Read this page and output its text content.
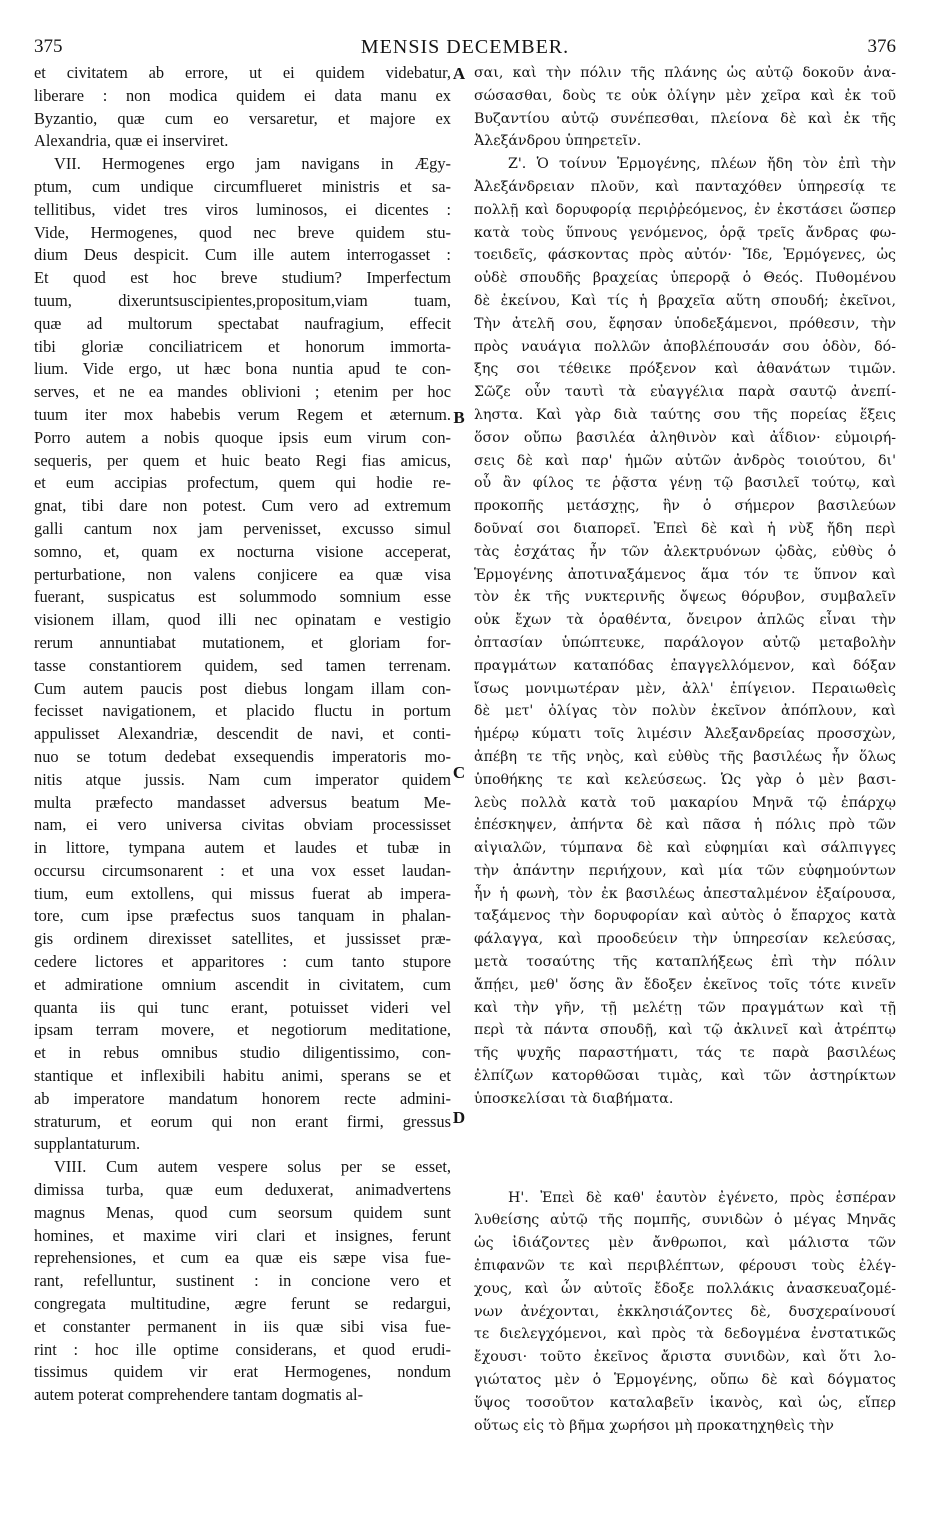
375	MENSIS DECEMBER.	376
et civitatem ab errore, ut ei quidem videbatur,
liberare : non modica quidem ei data manu ex
Byzantio, quæ cum eo versaretur, et majore ex
Alexandria, quæ ei inserviret.
VII. Hermogenes ergo jam navigans in Ægy-
ptum, cum undique circumflueret ministris et sa-
tellitibus, videt tres viros luminosos, ei dicentes :
Vide, Hermogenes, quod nec breve quidem stu-
dium Deus despicit. Cum ille autem interrogasset :
Et quod est hoc breve studium? Imperfectum
tuum, dixeruntsuscipientes,propositum,viam tuam,
quæ ad multorum spectabat naufragium, effecit
tibi gloriæ conciliatricem et honorum immorta-
lium. Vide ergo, ut hæc bona nuntia apud te con-
serves, et ne ea mandes oblivioni ; etenim per hoc
tuum iter mox habebis verum Regem et æternum.
Porro autem a nobis quoque ipsis eum virum con-
sequeris, per quem et huic beato Regi fias amicus,
et eum accipias profectum, quem qui hodie re-
gnat, tibi dare non potest. Cum vero ad extremum
galli cantum nox jam pervenisset, excusso simul
somno, et, quam ex nocturna visione acceperat,
perturbatione, non valens conjicere ea quæ visa
fuerant, suspicatus est solummodo somnium esse
visionem illam, quod illi nec opinatam e vestigio
rerum annuntiabat mutationem, et gloriam for-
tasse constantiorem quidem, sed tamen terrenam.
Cum autem paucis post diebus longam illam con-
fecisset navigationem, et placido fluctu in portum
appulisset Alexandriæ, descendit de navi, et conti-
nuo se totum dedebat exsequendis imperatoris mo-
nitis atque jussis. Nam cum imperator quidem
multa præfecto mandasset adversus beatum Me-
nam, ei vero universa civitas obviam processisset
in littore, tympana autem et laudes et tubæ in
occursu circumsonarent : et una vox esset laudan-
tium, eum extollens, qui missus fuerat ab impera-
tore, cum ipse præfectus suos tanquam in phalan-
gis ordinem direxisset satellites, et jussisset præ-
cedere lictores et apparitores : cum tanto stupore
et admiratione omnium ascendit in civitatem, cum
quanta iis qui tunc erant, potuisset videri vel
ipsam terram movere, et negotiorum meditatione,
et in rebus omnibus studio diligentissimo, con-
stantique et inflexibili habitu animi, sperans se et
ab imperatore mandatum honorem recte admini-
straturum, et eorum qui non erant firmi, gressus
supplantaturum.
VIII. Cum autem vespere solus per se esset,
dimissa turba, quæ eum deduxerat, animadvertens
magnus Menas, quod cum seorsum quidem sunt
homines, et maxime viri clari et insignes, ferunt
reprehensiones, et cum ea quæ eis sæpe visa fue-
rant, refelluntur, sustinent : in concione vero et
congregata multitudine, ægre ferunt se redargui,
et constanter permanent in iis quæ sibi visa fue-
rint : hoc ille optime considerans, et quod erudi-
tissimus quidem vir erat Hermogenes, nondum
autem poterat comprehendere tantam dogmatis al-
σαι, καὶ τὴν πόλιν τῆς πλάνης ὡς αὐτῷ δοκοῦν ἀνα-
σώσασθαι, δοὺς τε οὐκ ὀλίγην μὲν χεῖρα καὶ ἐκ τοῦ
Βυζαντίου αὐτῷ συνέπεσθαι, πλείονα δὲ καὶ ἐκ τῆς
Ἀλεξάνδρου ὑπηρετεῖν.
Ζ'. Ὁ τοίνυν Ἑρμογένης, πλέων ἤδη τὸν ἐπὶ τὴν
Ἀλεξάνδρειαν πλοῦν, καὶ πανταχόθεν ὑπηρεσίᾳ τε
πολλῇ καὶ δορυφορίᾳ περιῤῥεόμενος, ἐν ἐκστάσει ὥσπερ
κατὰ τοὺς ὕπνους γενόμενος, ὁρᾷ τρεῖς ἄνδρας φω-
τοειδεῖς, φάσκοντας πρὸς αὐτόν· Ἴδε, Ἑρμόγενες, ὡς
οὐδὲ σπουδῆς βραχείας ὑπερορᾷ ὁ Θεός. Πυθομένου
δὲ ἐκείνου, Καὶ τίς ἡ βραχεῖα αὕτη σπουδή; ἐκεῖνοι,
Τὴν ἀτελῆ σου, ἔφησαν ὑποδεξάμενοι, πρόθεσιν, τὴν
πρὸς ναυάγια πολλῶν ἀποβλέπουσάν σου ὁδὸν, δό-
ξης σοι τέθεικε πρόξενον καὶ ἀθανάτων τιμῶν.
Σῶζε οὖν ταυτὶ τὰ εὐαγγέλια παρὰ σαυτῷ ἀνεπί-
ληστα. Καὶ γὰρ διὰ ταύτης σου τῆς πορείας ἕξεις
ὅσον οὔπω βασιλέα ἀληθινὸν καὶ ἀΐδιον· εὐμοιρή-
σεις δὲ καὶ παρ' ἡμῶν αὐτῶν ἀνδρὸς τοιούτου, δι'
οὗ ἂν φίλος τε ῥᾷστα γένῃ τῷ βασιλεῖ τούτῳ, καὶ
προκοπῆς μετάσχῃς, ἣν ὁ σήμερον βασιλεύων
δοῦναί σοι διαπορεῖ. Ἐπεὶ δὲ καὶ ἡ νὺξ ἤδη περὶ
τὰς ἐσχάτας ἦν τῶν ἀλεκτρυόνων ᾠδὰς, εὐθὺς ὁ
Ἑρμογένης ἀποτιναξάμενος ἅμα τόν τε ὕπνον καὶ
τὸν ἐκ τῆς νυκτερινῆς ὄψεως θόρυβον, συμβαλεῖν
οὐκ ἔχων τὰ ὁραθέντα, ὄνειρον ἁπλῶς εἶναι τὴν
ὀπτασίαν ὑπώπτευκε, παράλογον αὐτῷ μεταβολὴν
πραγμάτων καταπόδας ἐπαγγελλόμενον, καὶ δόξαν
ἴσως μονιμωτέραν μὲν, ἀλλ' ἐπίγειον. Περαιωθεὶς
δὲ μετ' ὀλίγας τὸν πολὺν ἐκεῖνον ἀπόπλουν, καὶ
ἡμέρῳ κύματι τοῖς λιμέσιν Ἀλεξανδρείας προσσχὼν,
ἀπέβη τε τῆς νηὸς, καὶ εὐθὺς τῆς βασιλέως ἦν ὅλως
ὑποθήκης τε καὶ κελεύσεως. Ὡς γὰρ ὁ μὲν βασι-
λεὺς πολλὰ κατὰ τοῦ μακαρίου Μηνᾶ τῷ ἐπάρχῳ
ἐπέσκηψεν, ἀπήντα δὲ καὶ πᾶσα ἡ πόλις πρὸ τῶν
αἰγιαλῶν, τύμπανα δὲ καὶ εὐφημίαι καὶ σάλπιγγες
τὴν ἀπάντην περιήχουν, καὶ μία τῶν εὐφημούντων
ἦν ἡ φωνὴ, τὸν ἐκ βασιλέως ἀπεσταλμένον ἐξαίρουσα,
ταξάμενος τὴν δορυφορίαν καὶ αὐτὸς ὁ ἔπαρχος κατὰ
φάλαγγα, καὶ προοδεύειν τὴν ὑπηρεσίαν κελεύσας,
μετὰ τοσαύτης τῆς καταπλήξεως ἐπὶ τὴν πόλιν
ἄπῄει, μεθ' ὅσης ἂν ἔδοξεν ἐκεῖνος τοῖς τότε κινεῖν
καὶ τὴν γῆν, τῇ μελέτῃ τῶν πραγμάτων καὶ τῇ
περὶ τὰ πάντα σπουδῇ, καὶ τῷ ἀκλινεῖ καὶ ἀτρέπτῳ
τῆς ψυχῆς παραστήματι, τάς τε παρὰ βασιλέως
ἐλπίζων κατορθῶσαι τιμὰς, καὶ τῶν ἀστηρίκτων
ὑποσκελίσαι τὰ διαβήματα.
Η'. Ἐπεὶ δὲ καθ' ἑαυτὸν ἐγένετο, πρὸς ἑσπέραν
λυθείσης αὐτῷ τῆς πομπῆς, συνιδὼν ὁ μέγας Μηνᾶς
ὡς ἰδιάζοντες μὲν ἄνθρωποι, καὶ μάλιστα τῶν
ἐπιφανῶν τε καὶ περιβλέπτων, φέρουσι τοὺς ἐλέγ-
χους, καὶ ὧν αὐτοῖς ἔδοξε πολλάκις ἀνασκευαζομέ-
νων ἀνέχονται, ἐκκλησιάζοντες δὲ, δυσχεραίνουσί
τε διελεγχόμενοι, καὶ πρὸς τὰ δεδογμένα ἐνστατικῶς
ἔχουσι· τοῦτο ἐκεῖνος ἄριστα συνιδὼν, καὶ ὅτι λο-
γιώτατος μὲν ὁ Ἑρμογένης, οὔπω δὲ καὶ δόγματος
ὕψος τοσοῦτον καταλαβεῖν ἱκανὸς, καὶ ὡς, εἴπερ
οὕτως εἰς τὸ βῆμα χωρήσοι μὴ προκατηχηθεὶς τὴν
A
B
C
D
